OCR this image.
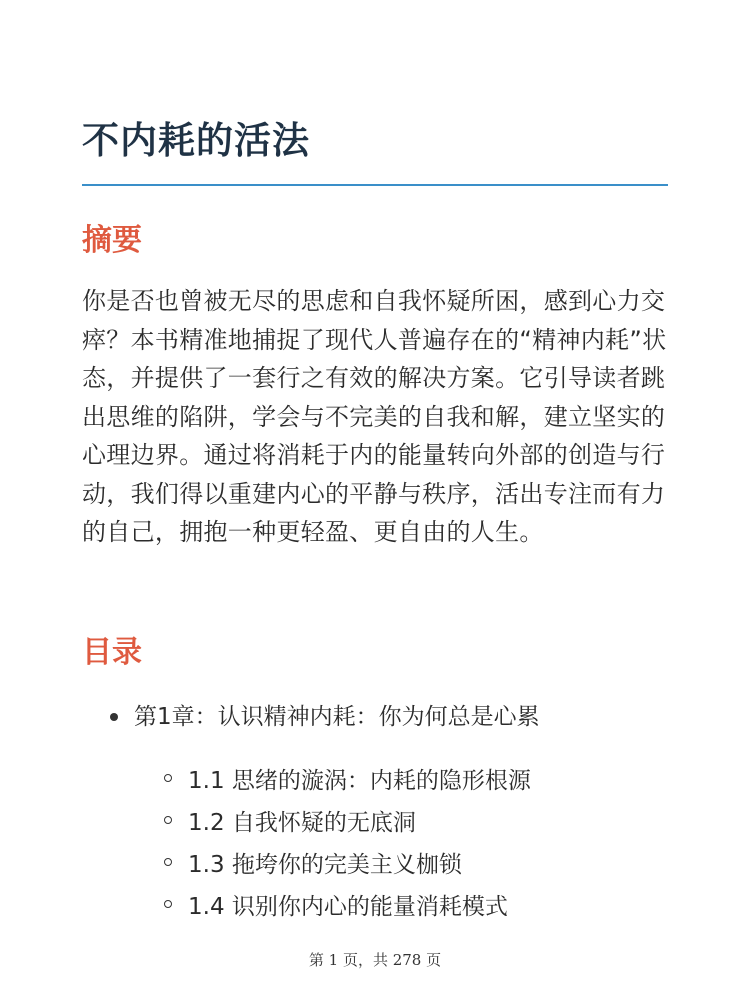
不内耗的活法
摘要

你是否也曾被无尽的思虑和自我怀疑所困，感到心力交瘁？本书精准地捕捉了现代人普遍存在的“精神内耗”状态，并提供了一套行之有效的解决方案。它引导读者跳出思维的陷阱，学会与不完美的自我和解，建立坚实的心理边界。通过将消耗于内的能量转向外部的创造与行动，我们得以重建内心的平静与秩序，活出专注而有力的自己，拥抱一种更轻盈、更自由的人生。

目录
第1章：认识精神内耗：你为何总是心累
1.1 思绪的漩涡：内耗的隐形根源
1.2 自我怀疑的无底洞
1.3 拖垮你的完美主义枷锁
1.4 识别你内心的能量消耗模式
第 1 页，共 278 页
